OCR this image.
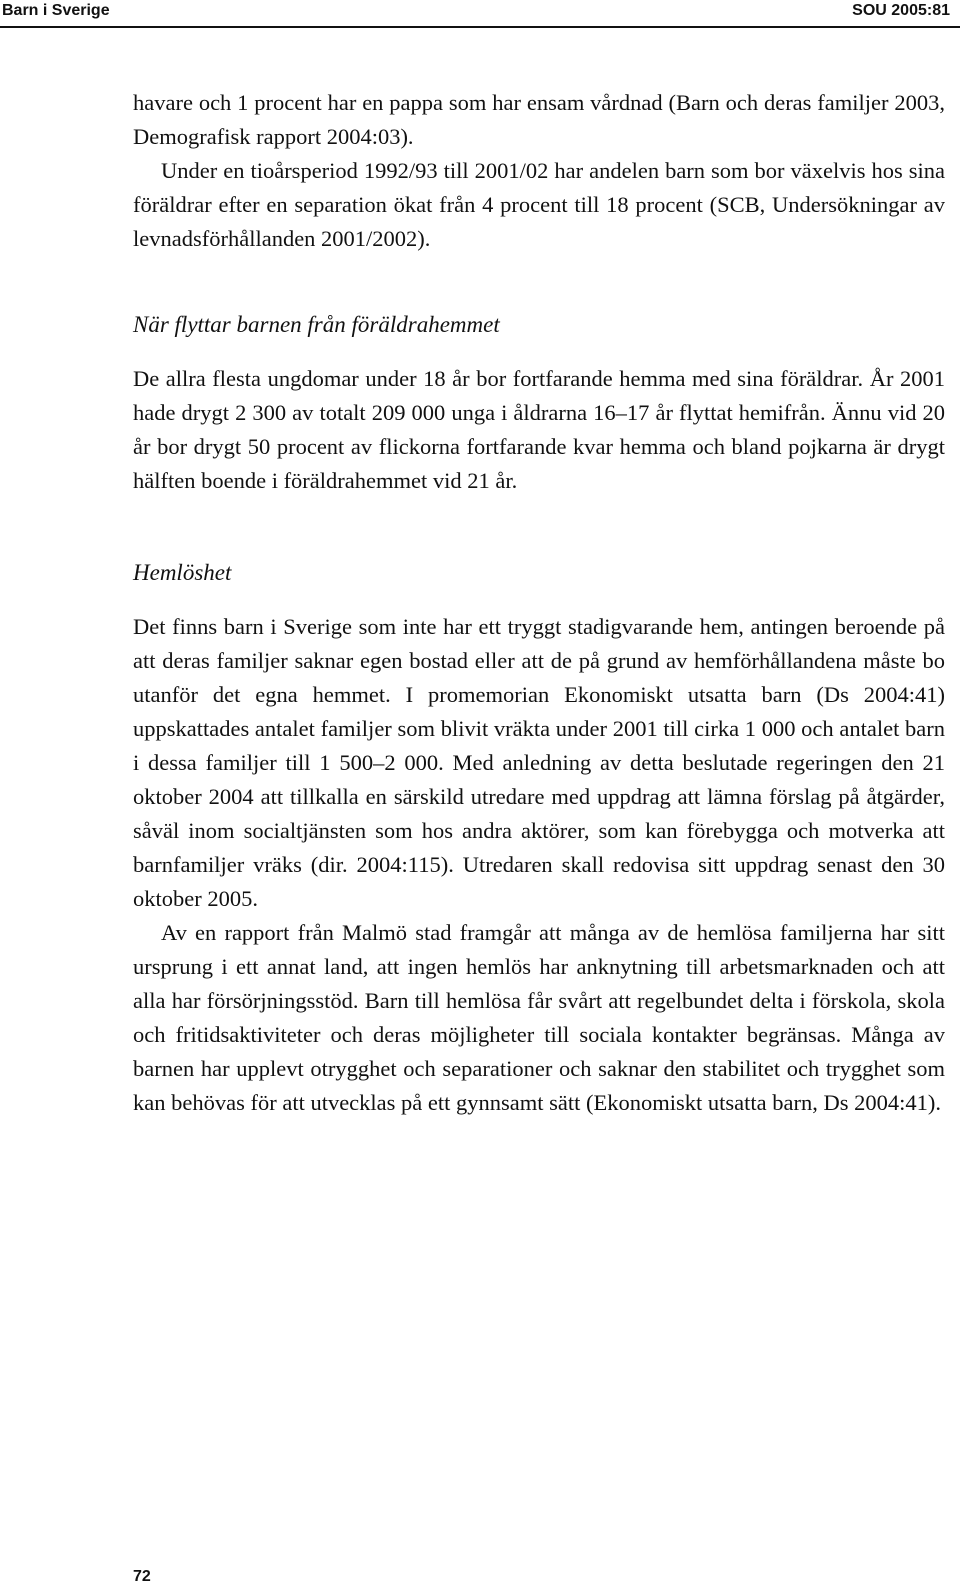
Barn i Sverige	SOU 2005:81

havare och 1 procent har en pappa som har ensam vårdnad (Barn och deras familjer 2003, Demografisk rapport 2004:03).

Under en tioårsperiod 1992/93 till 2001/02 har andelen barn som bor växelvis hos sina föräldrar efter en separation ökat från 4 procent till 18 procent (SCB, Undersökningar av levnadsförhållanden 2001/2002).

När flyttar barnen från föräldrahemmet

De allra flesta ungdomar under 18 år bor fortfarande hemma med sina föräldrar. År 2001 hade drygt 2 300 av totalt 209 000 unga i åldrarna 16–17 år flyttat hemifrån. Ännu vid 20 år bor drygt 50 procent av flickorna fortfarande kvar hemma och bland pojkarna är drygt hälften boende i föräldrahemmet vid 21 år.

Hemlöshet

Det finns barn i Sverige som inte har ett tryggt stadigvarande hem, antingen beroende på att deras familjer saknar egen bostad eller att de på grund av hemförhållandena måste bo utanför det egna hemmet. I promemorian Ekonomiskt utsatta barn (Ds 2004:41) uppskattades antalet familjer som blivit vräkta under 2001 till cirka 1 000 och antalet barn i dessa familjer till 1 500–2 000. Med anledning av detta beslutade regeringen den 21 oktober 2004 att tillkalla en särskild utredare med uppdrag att lämna förslag på åtgärder, såväl inom socialtjänsten som hos andra aktörer, som kan förebygga och motverka att barnfamiljer vräks (dir. 2004:115). Utredaren skall redovisa sitt uppdrag senast den 30 oktober 2005.

Av en rapport från Malmö stad framgår att många av de hemlösa familjerna har sitt ursprung i ett annat land, att ingen hemlös har anknytning till arbetsmarknaden och att alla har försörjningsstöd. Barn till hemlösa får svårt att regelbundet delta i förskola, skola och fritidsaktiviteter och deras möjligheter till sociala kontakter begränsas. Många av barnen har upplevt otrygghet och separationer och saknar den stabilitet och trygghet som kan behövas för att utvecklas på ett gynnsamt sätt (Ekonomiskt utsatta barn, Ds 2004:41).

72
